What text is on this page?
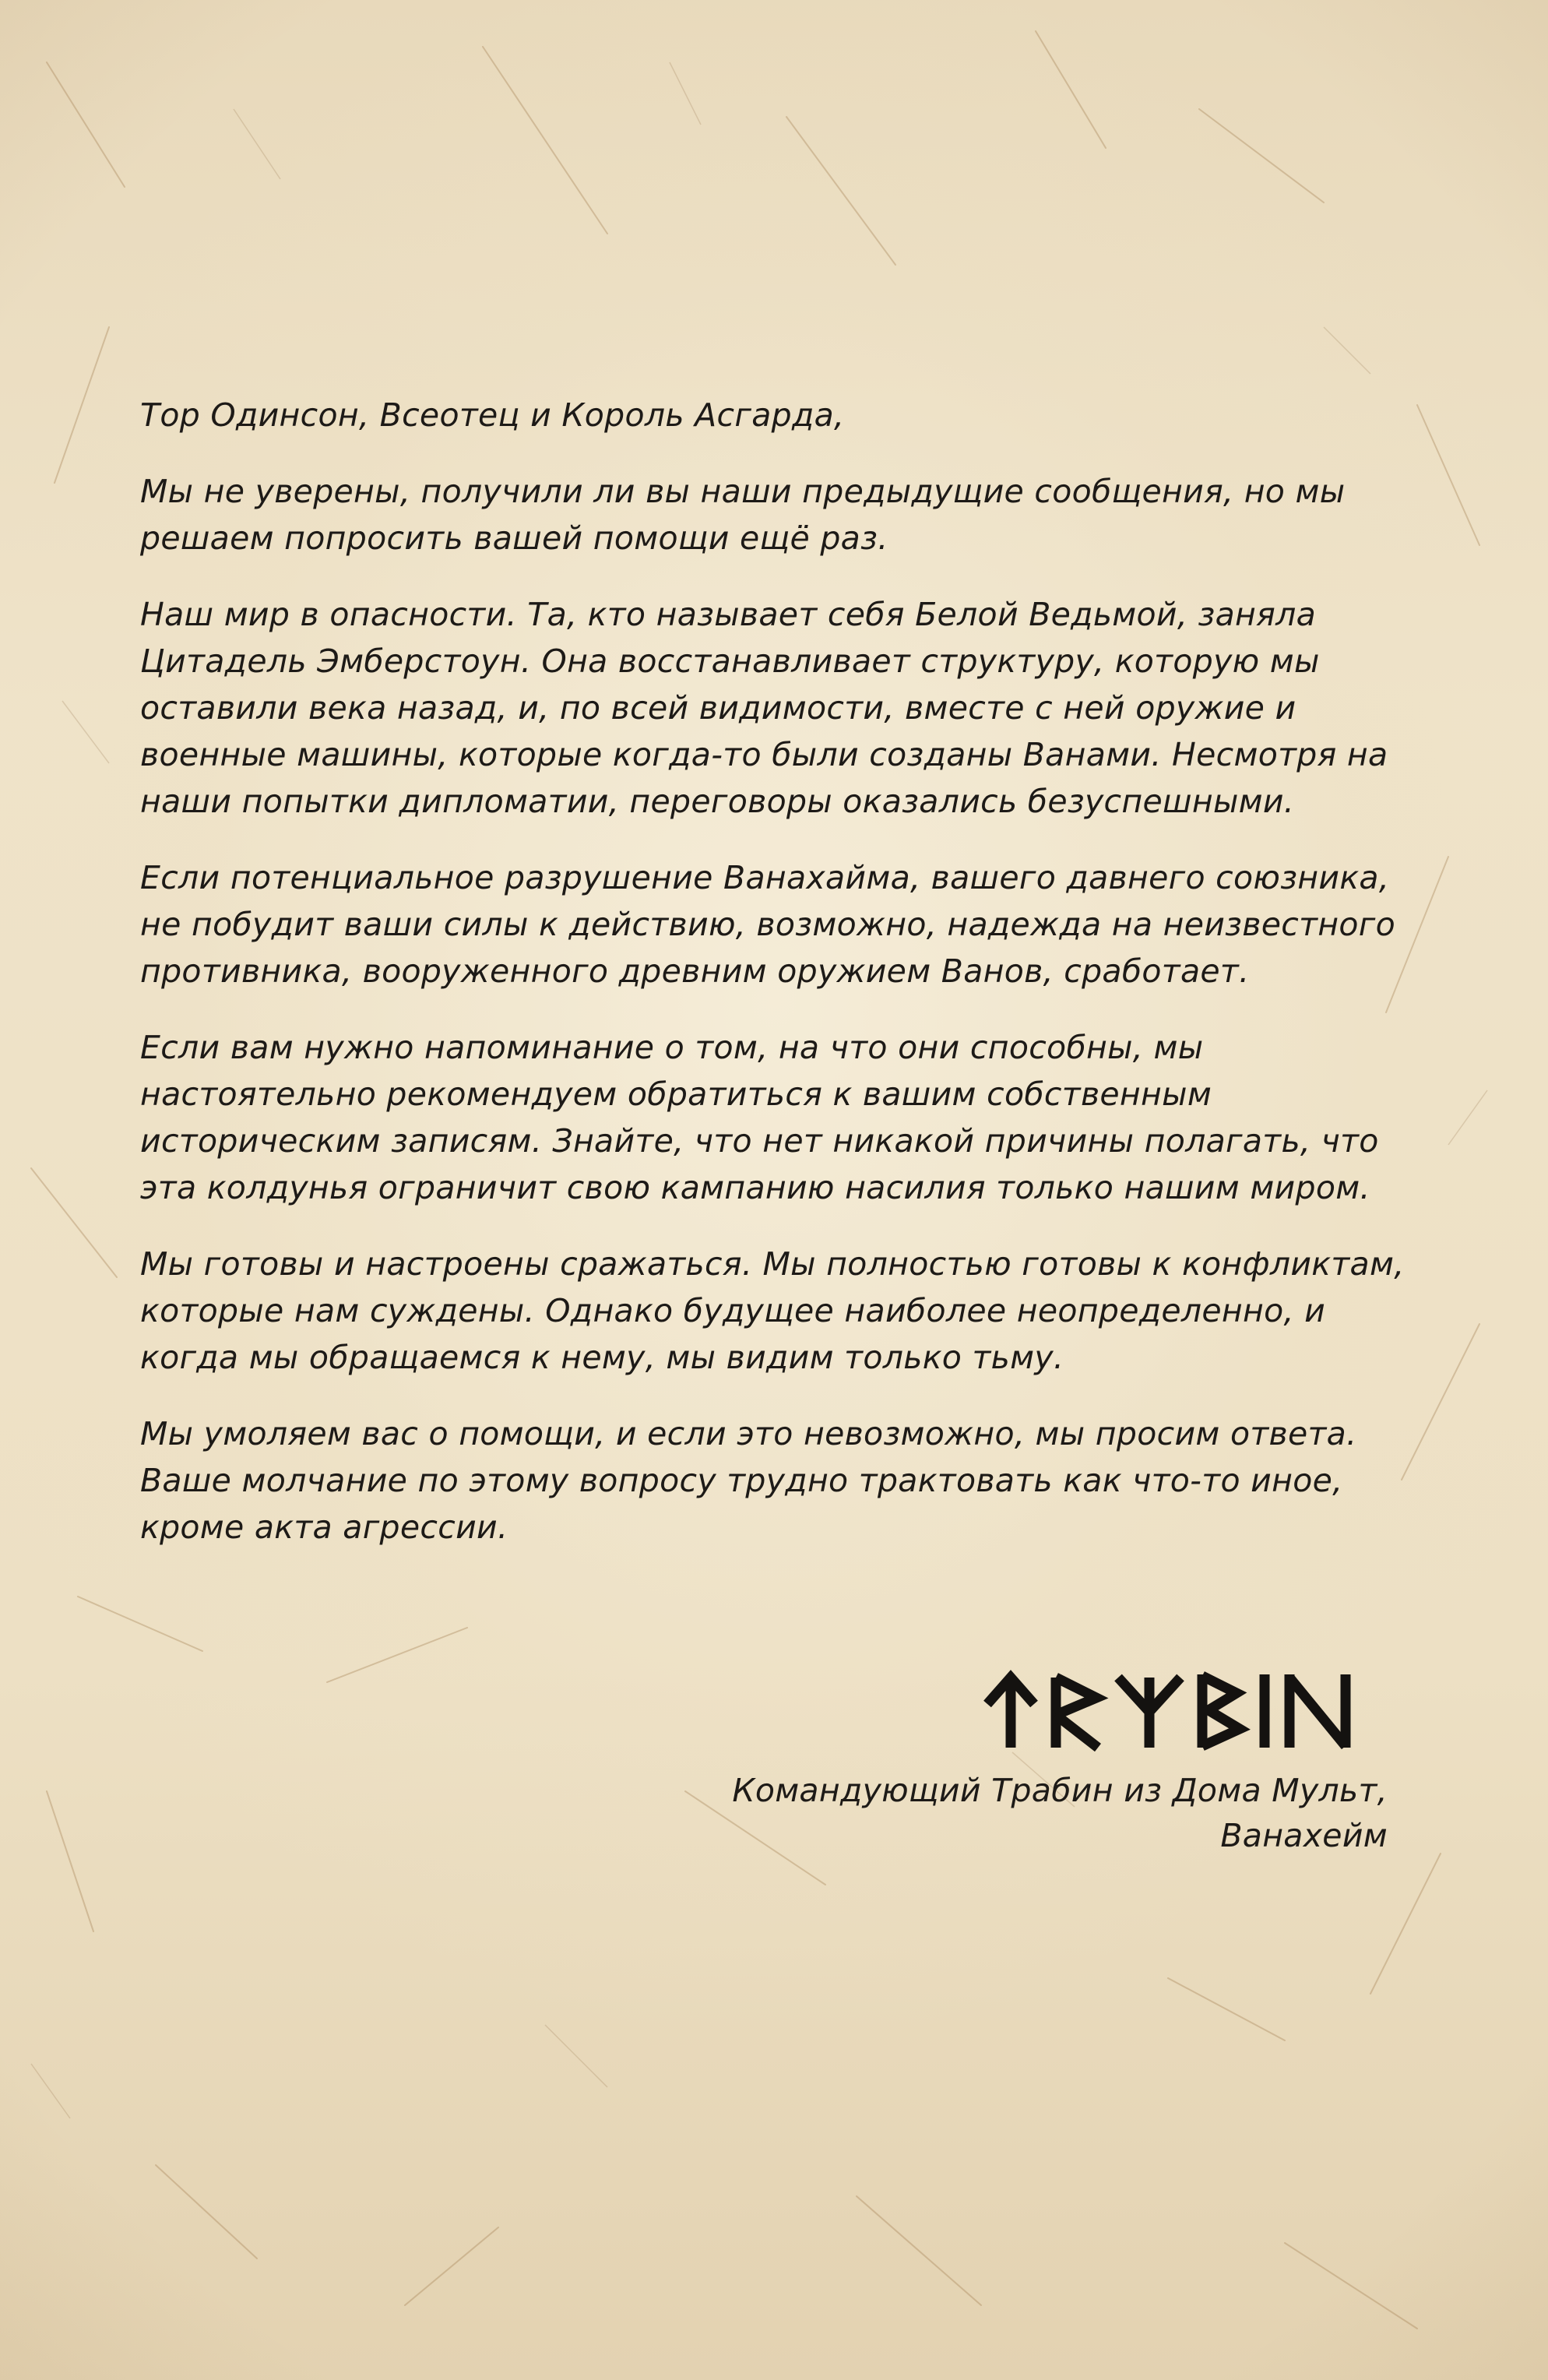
Тор Одинсон, Всеотец и Король Асгарда,

Мы не уверены, получили ли вы наши предыдущие сообщения, но мы решаем попросить вашей помощи ещё раз.

Наш мир в опасности. Та, кто называет себя Белой Ведьмой, заняла Цитадель Эмберстоун. Она восстанавливает структуру, которую мы оставили века назад, и, по всей видимости, вместе с ней оружие и военные машины, которые когда-то были созданы Ванами. Несмотря на наши попытки дипломатии, переговоры оказались безуспешными.

Если потенциальное разрушение Ванахайма, вашего давнего союзника, не побудит ваши силы к действию, возможно, надежда на неизвестного противника, вооруженного древним оружием Ванов, сработает.

Если вам нужно напоминание о том, на что они способны, мы настоятельно рекомендуем обратиться к вашим собственным историческим записям. Знайте, что нет никакой причины полагать, что эта колдунья ограничит свою кампанию насилия только нашим миром.

Мы готовы и настроены сражаться. Мы полностью готовы к конфликтам, которые нам суждены. Однако будущее наиболее неопределенно, и когда мы обращаемся к нему, мы видим только тьму.

Мы умоляем вас о помощи, и если это невозможно, мы просим ответа. Ваше молчание по этому вопросу трудно трактовать как что-то иное, кроме акта агрессии.

Командующий Трабин из Дома Мульт,
Ванахейм
